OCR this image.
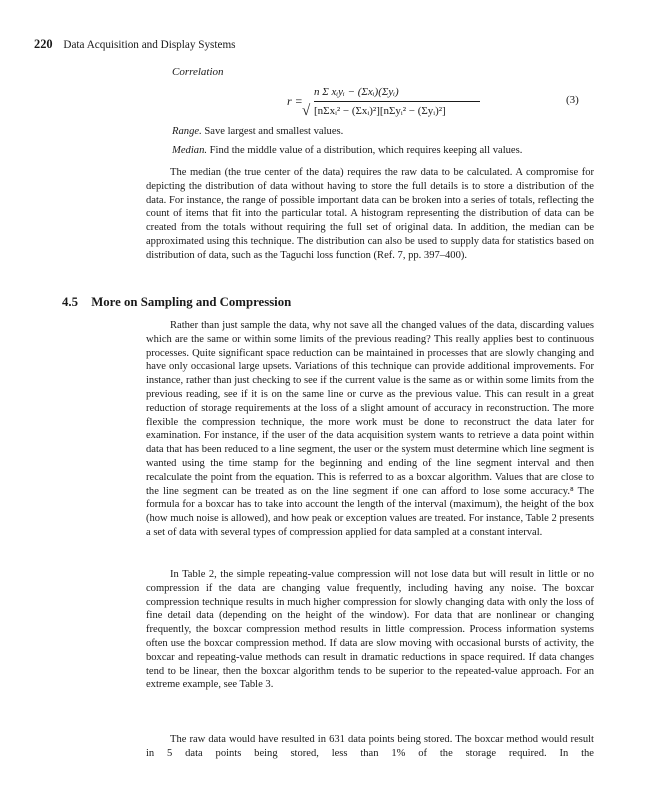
220 Data Acquisition and Display Systems
Correlation
r =
n Σ xᵢyᵢ − (Σxᵢ)(Σyᵢ)
√ [nΣxᵢ² − (Σxᵢ)²][nΣyᵢ² − (Σyᵢ)²]
(3)
Range. Save largest and smallest values.
Median. Find the middle value of a distribution, which requires keeping all values.

The median (the true center of the data) requires the raw data to be calculated. A compromise for depicting the distribution of data without having to store the full details is to store a distribution of the data. For instance, the range of possible important data can be broken into a series of totals, reflecting the count of items that fit into the particular total. A histogram representing the distribution of data can be created from the totals without requiring the full set of original data. In addition, the median can be approximated using this technique. The distribution can also be used to supply data for statistics based on distribution of data, such as the Taguchi loss function (Ref. 7, pp. 397–400).

4.5 More on Sampling and Compression

Rather than just sample the data, why not save all the changed values of the data, discarding values which are the same or within some limits of the previous reading? This really applies best to continuous processes. Quite significant space reduction can be maintained in processes that are slowly changing and have only occasional large upsets. Variations of this technique can provide additional improvements. For instance, rather than just checking to see if the current value is the same as or within some limits from the previous reading, see if it is on the same line or curve as the previous value. This can result in a great reduction of storage requirements at the loss of a slight amount of accuracy in reconstruction. The more flexible the compression technique, the more work must be done to reconstruct the data later for examination. For instance, if the user of the data acquisition system wants to retrieve a data point within data that has been reduced to a line segment, the user or the system must determine which line segment is wanted using the time stamp for the beginning and ending of the line segment interval and then recalculate the point from the equation. This is referred to as a boxcar algorithm. Values that are close to the line segment can be treated as on the line segment if one can afford to lose some accuracy.⁸ The formula for a boxcar has to take into account the length of the interval (maximum), the height of the box (how much noise is allowed), and how peak or exception values are treated. For instance, Table 2 presents a set of data with several types of compression applied for data sampled at a constant interval.

In Table 2, the simple repeating-value compression will not lose data but will result in little or no compression if the data are changing value frequently, including having any noise. The boxcar compression technique results in much higher compression for slowly changing data with only the loss of fine detail data (depending on the height of the window). For data that are nonlinear or changing frequently, the boxcar compression method results in little compression. Process information systems often use the boxcar compression method. If data are slow moving with occasional bursts of activity, the boxcar and repeating-value methods can result in dramatic reductions in space required. If data changes tend to be linear, then the boxcar algorithm tends to be superior to the repeated-value approach. For an extreme example, see Table 3.

The raw data would have resulted in 631 data points being stored. The boxcar method would result in 5 data points being stored, less than 1% of the storage required. In the
